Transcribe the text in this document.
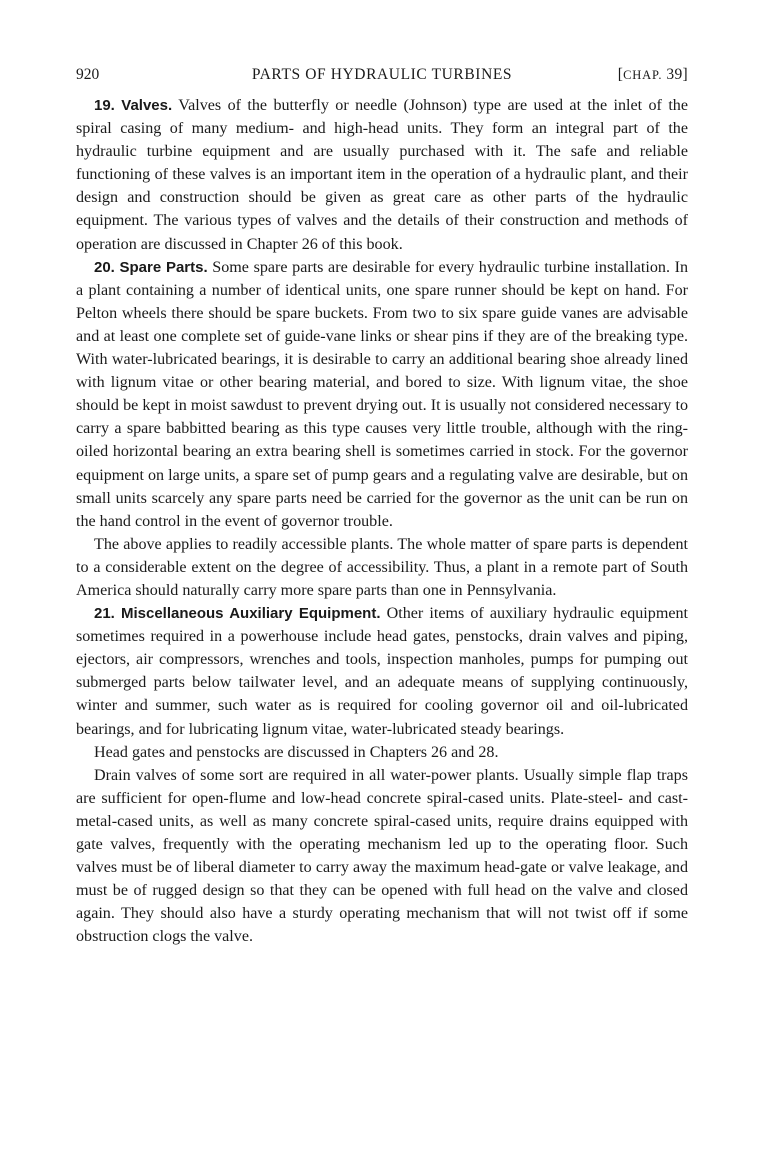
920	PARTS OF HYDRAULIC TURBINES	[CHAP. 39]

19. Valves. Valves of the butterfly or needle (Johnson) type are used at the inlet of the spiral casing of many medium- and high-head units. They form an integral part of the hydraulic turbine equipment and are usually purchased with it. The safe and reliable functioning of these valves is an important item in the operation of a hydraulic plant, and their design and construction should be given as great care as other parts of the hydraulic equipment. The various types of valves and the details of their construction and methods of operation are discussed in Chapter 26 of this book.

20. Spare Parts. Some spare parts are desirable for every hydraulic turbine installation. In a plant containing a number of identical units, one spare runner should be kept on hand. For Pelton wheels there should be spare buckets. From two to six spare guide vanes are advisable and at least one complete set of guide-vane links or shear pins if they are of the breaking type. With water-lubricated bearings, it is desirable to carry an additional bearing shoe already lined with lignum vitae or other bearing material, and bored to size. With lignum vitae, the shoe should be kept in moist sawdust to prevent drying out. It is usually not considered necessary to carry a spare babbitted bearing as this type causes very little trouble, although with the ring-oiled horizontal bearing an extra bearing shell is sometimes carried in stock. For the governor equipment on large units, a spare set of pump gears and a regulating valve are desirable, but on small units scarcely any spare parts need be carried for the governor as the unit can be run on the hand control in the event of governor trouble.

The above applies to readily accessible plants. The whole matter of spare parts is dependent to a considerable extent on the degree of accessibility. Thus, a plant in a remote part of South America should naturally carry more spare parts than one in Pennsylvania.

21. Miscellaneous Auxiliary Equipment. Other items of auxiliary hydraulic equipment sometimes required in a powerhouse include head gates, penstocks, drain valves and piping, ejectors, air compressors, wrenches and tools, inspection manholes, pumps for pumping out submerged parts below tailwater level, and an adequate means of supplying continuously, winter and summer, such water as is required for cooling governor oil and oil-lubricated bearings, and for lubricating lignum vitae, water-lubricated steady bearings.

Head gates and penstocks are discussed in Chapters 26 and 28.

Drain valves of some sort are required in all water-power plants. Usually simple flap traps are sufficient for open-flume and low-head concrete spiral-cased units. Plate-steel- and cast-metal-cased units, as well as many concrete spiral-cased units, require drains equipped with gate valves, frequently with the operating mechanism led up to the operating floor. Such valves must be of liberal diameter to carry away the maximum head-gate or valve leakage, and must be of rugged design so that they can be opened with full head on the valve and closed again. They should also have a sturdy operating mechanism that will not twist off if some obstruction clogs the valve.
